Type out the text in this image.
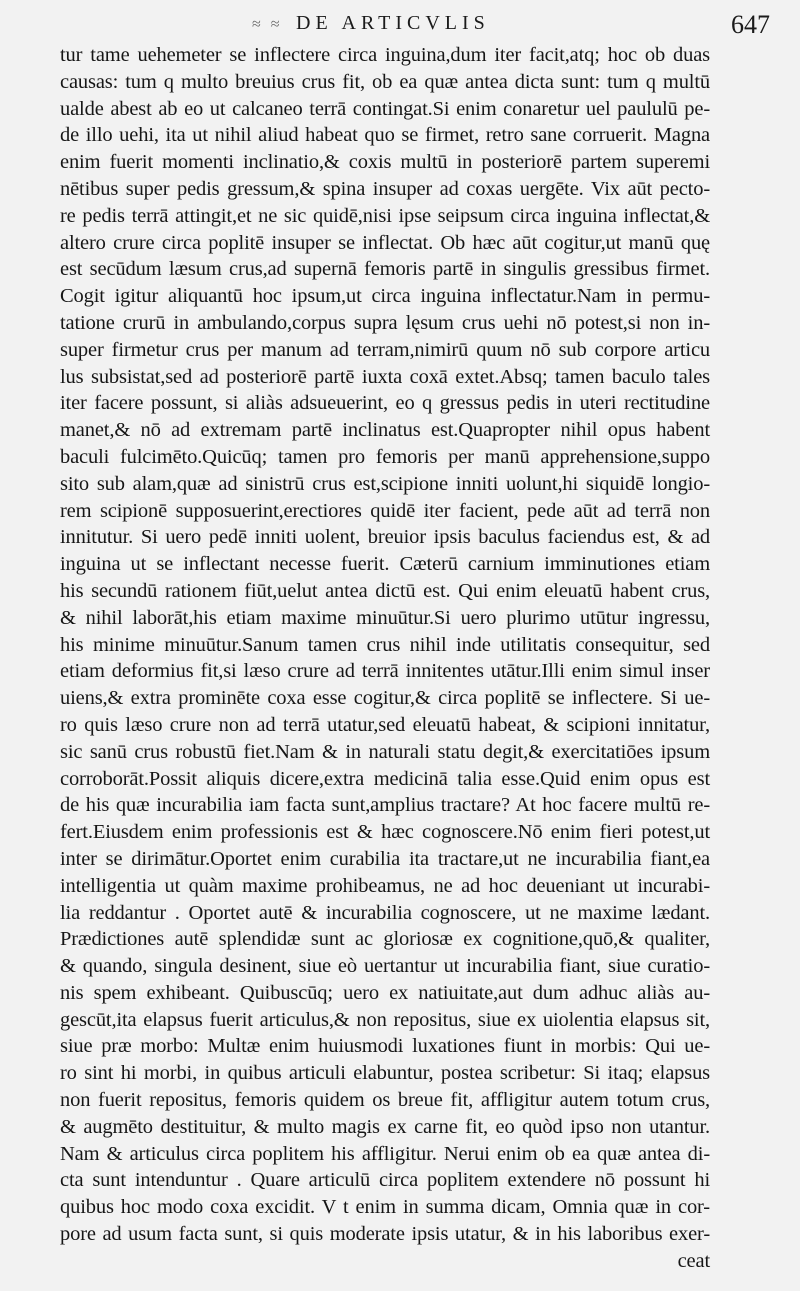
≈ ≈ DE ARTICVLIS	647
tur tame uehemeter se inflectere circa inguina,dum iter facit,atq; hoc ob duas
causas: tum q multo breuius crus fit, ob ea quæ antea dicta sunt: tum q multū
ualde abest ab eo ut calcaneo terrā contingat.Si enim conaretur uel paululū pe-
de illo uehi, ita ut nihil aliud habeat quo se firmet, retro sane corruerit. Magna
enim fuerit momenti inclinatio,& coxis multū in posteriorē partem superemi
nētibus super pedis gressum,& spina insuper ad coxas uergēte. Vix aūt pecto-
re pedis terrā attingit,et ne sic quidē,nisi ipse seipsum circa inguina inflectat,&
altero crure circa poplitē insuper se inflectat. Ob hæc aūt cogitur,ut manū quę
est secūdum læsum crus,ad supernā femoris partē in singulis gressibus firmet.
Cogit igitur aliquantū hoc ipsum,ut circa inguina inflectatur.Nam in permu-
tatione crurū in ambulando,corpus supra lęsum crus uehi nō potest,si non in-
super firmetur crus per manum ad terram,nimirū quum nō sub corpore articu
lus subsistat,sed ad posteriorē partē iuxta coxā extet.Absq; tamen baculo tales
iter facere possunt, si aliàs adsueuerint, eo q gressus pedis in uteri rectitudine
manet,& nō ad extremam partē inclinatus est.Quapropter nihil opus habent
baculi fulcimēto.Quicūq; tamen pro femoris per manū apprehensione,suppo
sito sub alam,quæ ad sinistrū crus est,scipione inniti uolunt,hi siquidē longio-
rem scipionē supposuerint,erectiores quidē iter facient, pede aūt ad terrā non
innitutur. Si uero pedē inniti uolent, breuior ipsis baculus faciendus est, & ad
inguina ut se inflectant necesse fuerit. Cæterū carnium imminutiones etiam
his secundū rationem fiūt,uelut antea dictū est. Qui enim eleuatū habent crus,
& nihil laborāt,his etiam maxime minuūtur.Si uero plurimo utūtur ingressu,
his minime minuūtur.Sanum tamen crus nihil inde utilitatis consequitur, sed
etiam deformius fit,si læso crure ad terrā innitentes utātur.Illi enim simul inser
uiens,& extra prominēte coxa esse cogitur,& circa poplitē se inflectere. Si ue-
ro quis læso crure non ad terrā utatur,sed eleuatū habeat, & scipioni innitatur,
sic sanū crus robustū fiet.Nam & in naturali statu degit,& exercitatiōes ipsum
corroborāt.Possit aliquis dicere,extra medicinā talia esse.Quid enim opus est
de his quæ incurabilia iam facta sunt,amplius tractare? At hoc facere multū re-
fert.Eiusdem enim professionis est & hæc cognoscere.Nō enim fieri potest,ut
inter se dirimātur.Oportet enim curabilia ita tractare,ut ne incurabilia fiant,ea
intelligentia ut quàm maxime prohibeamus, ne ad hoc deueniant ut incurabi-
lia reddantur . Oportet autē & incurabilia cognoscere, ut ne maxime lædant.
Prædictiones autē splendidæ sunt ac gloriosæ ex cognitione,quō,& qualiter,
& quando, singula desinent, siue eò uertantur ut incurabilia fiant, siue curatio-
nis spem exhibeant. Quibuscūq; uero ex natiuitate,aut dum adhuc aliàs au-
gescūt,ita elapsus fuerit articulus,& non repositus, siue ex uiolentia elapsus sit,
siue præ morbo: Multæ enim huiusmodi luxationes fiunt in morbis: Qui ue-
ro sint hi morbi, in quibus articuli elabuntur, postea scribetur: Si itaq; elapsus
non fuerit repositus, femoris quidem os breue fit, affligitur autem totum crus,
& augmēto destituitur, & multo magis ex carne fit, eo quòd ipso non utantur.
Nam & articulus circa poplitem his affligitur. Nerui enim ob ea quæ antea di-
cta sunt intenduntur . Quare articulū circa poplitem extendere nō possunt hi
quibus hoc modo coxa excidit. V t enim in summa dicam, Omnia quæ in cor-
pore ad usum facta sunt, si quis moderate ipsis utatur, & in his laboribus exer-
ceat
